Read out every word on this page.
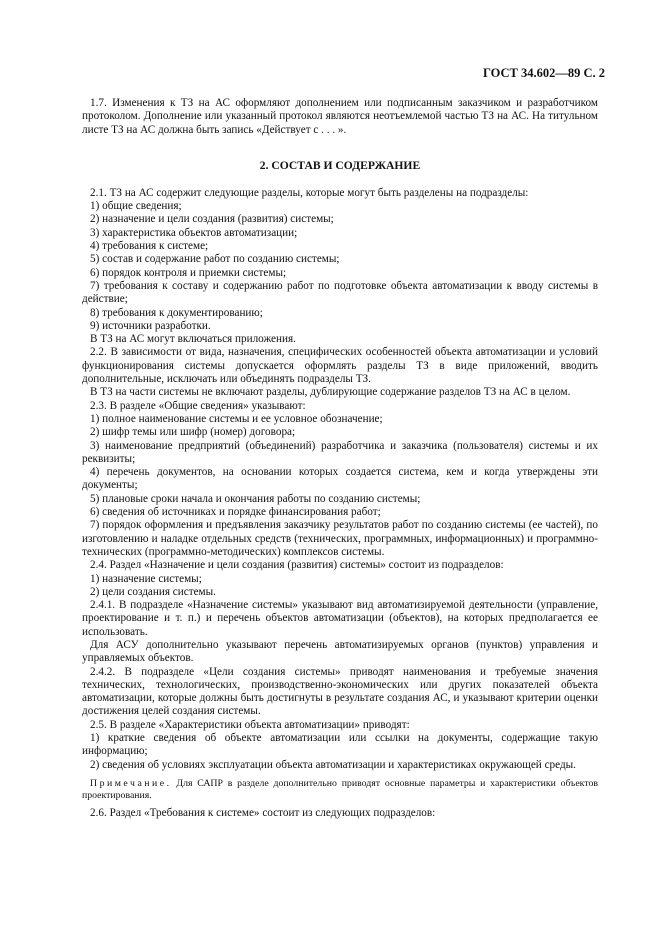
ГОСТ 34.602—89 С. 2

1.7. Изменения к ТЗ на АС оформляют дополнением или подписанным заказчиком и разработчиком протоколом. Дополнение или указанный протокол являются неотъемлемой частью ТЗ на АС. На титульном листе ТЗ на АС должна быть запись «Действует с . . . ».

2. СОСТАВ И СОДЕРЖАНИЕ

2.1. ТЗ на АС содержит следующие разделы, которые могут быть разделены на подразделы:

1) общие сведения;

2) назначение и цели создания (развития) системы;

3) характеристика объектов автоматизации;

4) требования к системе;

5) состав и содержание работ по созданию системы;

6) порядок контроля и приемки системы;

7) требования к составу и содержанию работ по подготовке объекта автоматизации к вводу системы в действие;

8) требования к документированию;

9) источники разработки.

В ТЗ на АС могут включаться приложения.

2.2. В зависимости от вида, назначения, специфических особенностей объекта автоматизации и условий функционирования системы допускается оформлять разделы ТЗ в виде приложений, вводить дополнительные, исключать или объединять подразделы ТЗ.

В ТЗ на части системы не включают разделы, дублирующие содержание разделов ТЗ на АС в целом.

2.3. В разделе «Общие сведения» указывают:

1) полное наименование системы и ее условное обозначение;

2) шифр темы или шифр (номер) договора;

3) наименование предприятий (объединений) разработчика и заказчика (пользователя) системы и их реквизиты;

4) перечень документов, на основании которых создается система, кем и когда утверждены эти документы;

5) плановые сроки начала и окончания работы по созданию системы;

6) сведения об источниках и порядке финансирования работ;

7) порядок оформления и предъявления заказчику результатов работ по созданию системы (ее частей), по изготовлению и наладке отдельных средств (технических, программных, информационных) и программно-технических (программно-методических) комплексов системы.

2.4. Раздел «Назначение и цели создания (развития) системы» состоит из подразделов:

1) назначение системы;

2) цели создания системы.

2.4.1. В подразделе «Назначение системы» указывают вид автоматизируемой деятельности (управление, проектирование и т. п.) и перечень объектов автоматизации (объектов), на которых предполагается ее использовать.

Для АСУ дополнительно указывают перечень автоматизируемых органов (пунктов) управления и управляемых объектов.

2.4.2. В подразделе «Цели создания системы» приводят наименования и требуемые значения технических, технологических, производственно-экономических или других показателей объекта автоматизации, которые должны быть достигнуты в результате создания АС, и указывают критерии оценки достижения целей создания системы.

2.5. В разделе «Характеристики объекта автоматизации» приводят:

1) краткие сведения об объекте автоматизации или ссылки на документы, содержащие такую информацию;

2) сведения об условиях эксплуатации объекта автоматизации и характеристиках окружающей среды.

Примечание. Для САПР в разделе дополнительно приводят основные параметры и характеристики объектов проектирования.

2.6. Раздел «Требования к системе» состоит из следующих подразделов:
